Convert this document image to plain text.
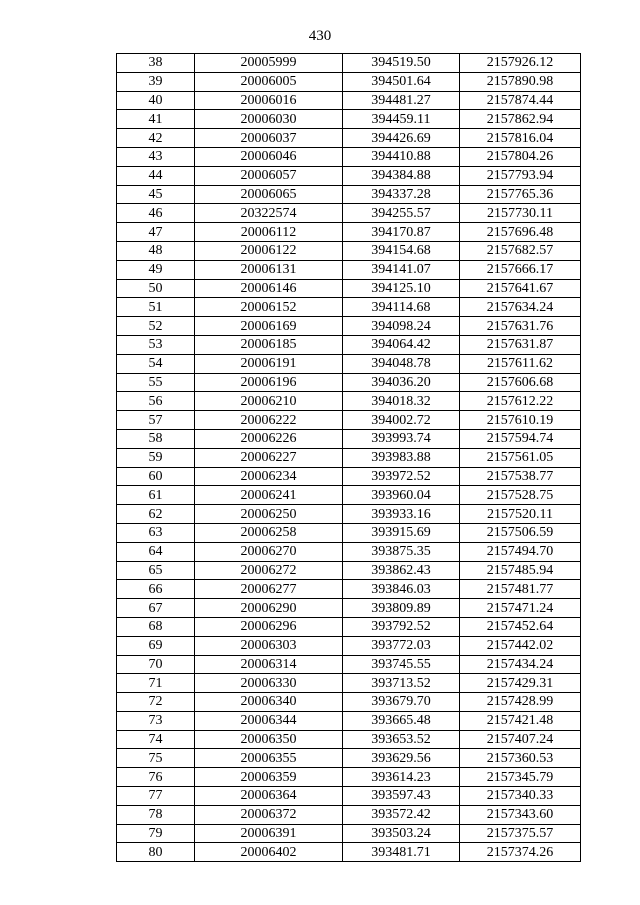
430
38	20005999	394519.50	2157926.12
39	20006005	394501.64	2157890.98
40	20006016	394481.27	2157874.44
41	20006030	394459.11	2157862.94
42	20006037	394426.69	2157816.04
43	20006046	394410.88	2157804.26
44	20006057	394384.88	2157793.94
45	20006065	394337.28	2157765.36
46	20322574	394255.57	2157730.11
47	20006112	394170.87	2157696.48
48	20006122	394154.68	2157682.57
49	20006131	394141.07	2157666.17
50	20006146	394125.10	2157641.67
51	20006152	394114.68	2157634.24
52	20006169	394098.24	2157631.76
53	20006185	394064.42	2157631.87
54	20006191	394048.78	2157611.62
55	20006196	394036.20	2157606.68
56	20006210	394018.32	2157612.22
57	20006222	394002.72	2157610.19
58	20006226	393993.74	2157594.74
59	20006227	393983.88	2157561.05
60	20006234	393972.52	2157538.77
61	20006241	393960.04	2157528.75
62	20006250	393933.16	2157520.11
63	20006258	393915.69	2157506.59
64	20006270	393875.35	2157494.70
65	20006272	393862.43	2157485.94
66	20006277	393846.03	2157481.77
67	20006290	393809.89	2157471.24
68	20006296	393792.52	2157452.64
69	20006303	393772.03	2157442.02
70	20006314	393745.55	2157434.24
71	20006330	393713.52	2157429.31
72	20006340	393679.70	2157428.99
73	20006344	393665.48	2157421.48
74	20006350	393653.52	2157407.24
75	20006355	393629.56	2157360.53
76	20006359	393614.23	2157345.79
77	20006364	393597.43	2157340.33
78	20006372	393572.42	2157343.60
79	20006391	393503.24	2157375.57
80	20006402	393481.71	2157374.26
